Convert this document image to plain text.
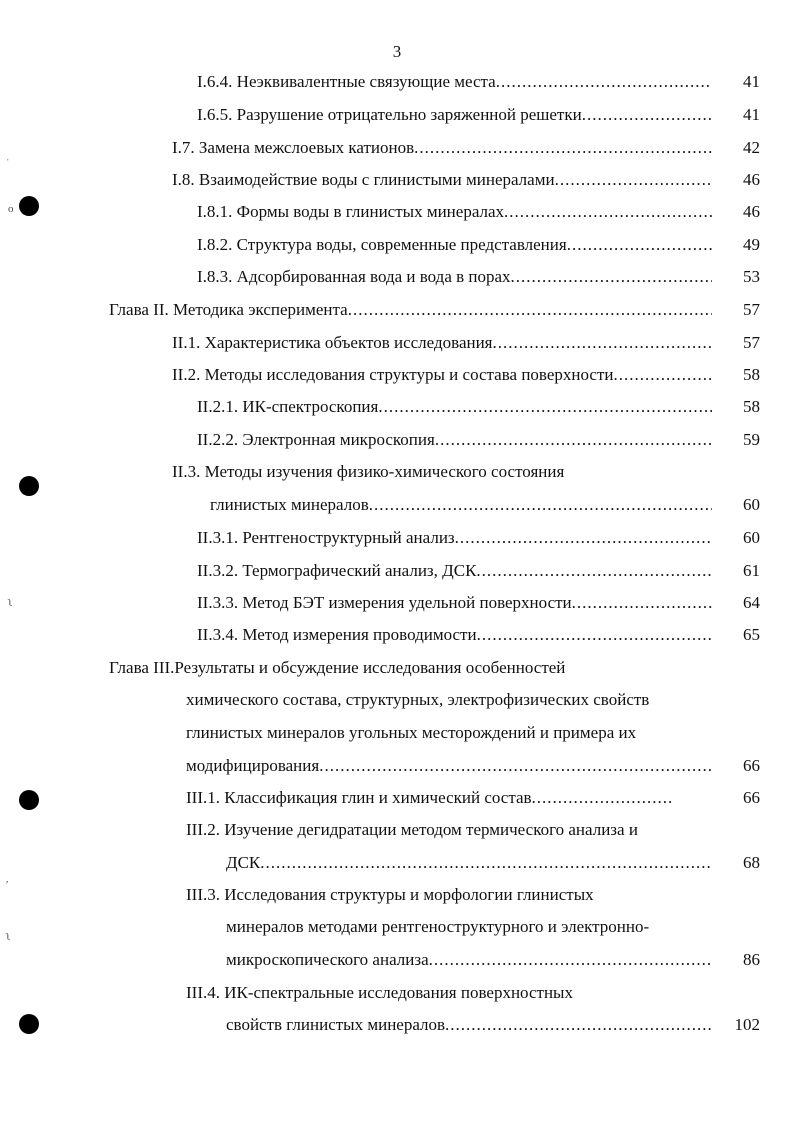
3
ˌ
ο
ʅ
ʹ
ʅ
I.6.4. Неэквивалентные связующие места .....	41
I.6.5. Разрушение отрицательно заряженной решетки .....	41
I.7. Замена межслоевых катионов .....	42
I.8. Взаимодействие воды с глинистыми минералами .....	46
I.8.1. Формы воды в глинистых минералах .....	46
I.8.2. Структура воды, современные представления .....	49
I.8.3. Адсорбированная вода и вода в порах .....	53
Глава II. Методика эксперимента .....	57
II.1. Характеристика объектов исследования .....	57
II.2. Методы исследования структуры и состава поверхности .....	58
II.2.1. ИК-спектроскопия .....	58
II.2.2. Электронная микроскопия .....	59
II.3. Методы изучения физико-химического состояния
глинистых минералов .....	60
II.3.1. Рентгеноструктурный анализ .....	60
II.3.2. Термографический анализ, ДСК .....	61
II.3.3. Метод БЭТ измерения удельной поверхности .....	64
II.3.4. Метод измерения проводимости .....	65
Глава III.Результаты и обсуждение исследования особенностей
химического состава, структурных, электрофизических свойств
глинистых минералов угольных месторождений и примера их
модифицирования .....	66
III.1. Классификация глин и химический состав .....	66
III.2. Изучение дегидратации методом термического анализа и
ДСК .....	68
III.3. Исследования структуры и морфологии глинистых
минералов методами рентгеноструктурного и электронно-
микроскопического анализа .....	86
III.4. ИК-спектральные исследования поверхностных
свойств глинистых минералов .....	102
